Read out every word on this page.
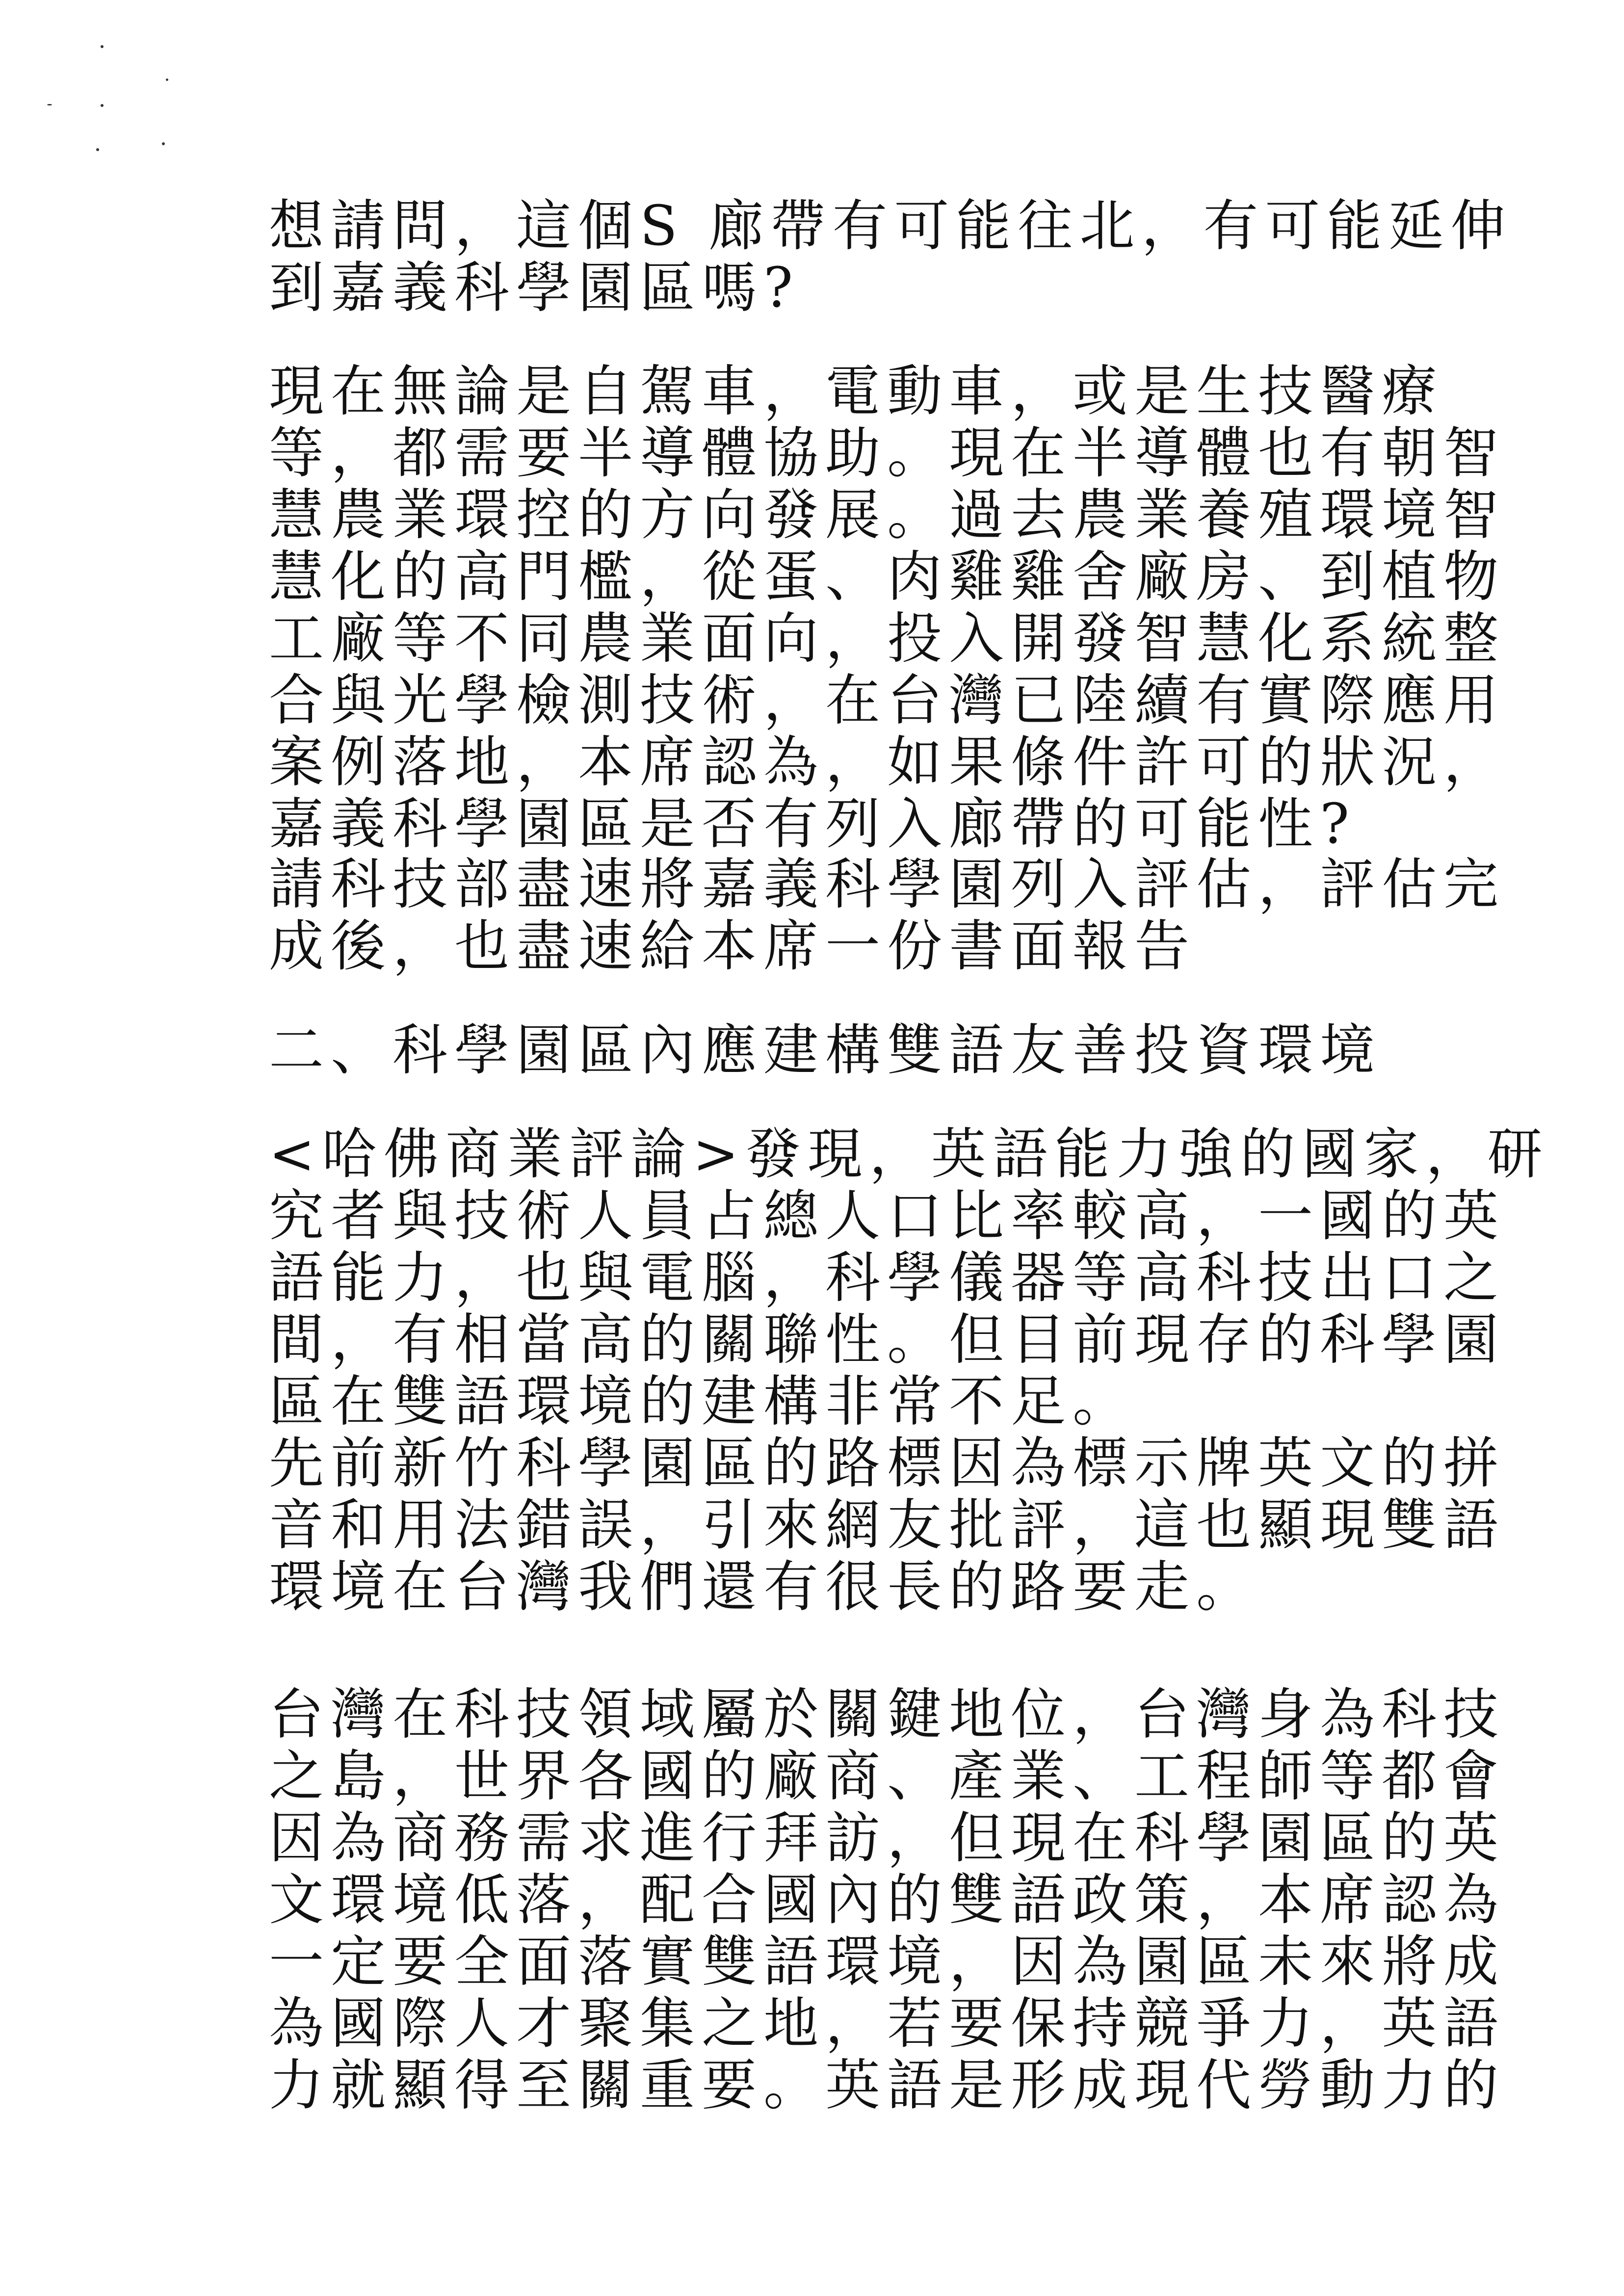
想請問，這個S 廊帶有可能往北，有可能延伸
到嘉義科學園區嗎?
現在無論是自駕車，電動車，或是生技醫療
等，都需要半導體協助。現在半導體也有朝智
慧農業環控的方向發展。過去農業養殖環境智
慧化的高門檻，從蛋、肉雞雞舍廠房、到植物
工廠等不同農業面向，投入開發智慧化系統整
合與光學檢測技術，在台灣已陸續有實際應用
案例落地，本席認為，如果條件許可的狀況，
嘉義科學園區是否有列入廊帶的可能性?
請科技部盡速將嘉義科學園列入評估，評估完
成後，也盡速給本席一份書面報告
二、科學園區內應建構雙語友善投資環境
<哈佛商業評論>發現，英語能力強的國家，研
究者與技術人員占總人口比率較高，一國的英
語能力，也與電腦，科學儀器等高科技出口之
間，有相當高的關聯性。但目前現存的科學園
區在雙語環境的建構非常不足。
先前新竹科學園區的路標因為標示牌英文的拼
音和用法錯誤，引來網友批評，這也顯現雙語
環境在台灣我們還有很長的路要走。
台灣在科技領域屬於關鍵地位，台灣身為科技
之島，世界各國的廠商、產業、工程師等都會
因為商務需求進行拜訪，但現在科學園區的英
文環境低落，配合國內的雙語政策，本席認為
一定要全面落實雙語環境，因為園區未來將成
為國際人才聚集之地，若要保持競爭力，英語
力就顯得至關重要。英語是形成現代勞動力的
